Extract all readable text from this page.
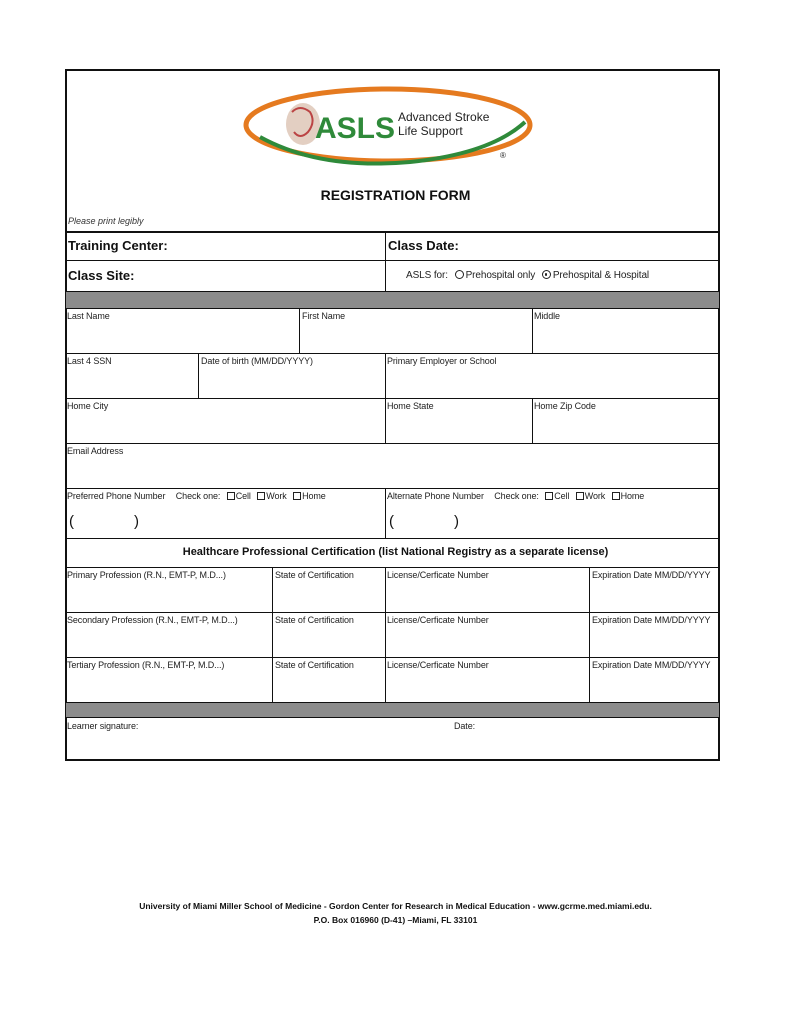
ASLS Advanced Stroke
Life Support
®
REGISTRATION FORM
Please print legibly
Training Center:	Class Date:
Class Site:	ASLS for: Prehospital only Prehospital & Hospital
Last Name	First Name	Middle
Last 4 SSN	Date of birth (MM/DD/YYYY)	Primary Employer or School
Home City	Home State	Home Zip Code
Email Address
Preferred Phone Number Check one: Cell Work Home	Alternate Phone Number Check one: Cell Work Home
(	)	(	)
Healthcare Professional Certification (list National Registry as a separate license)
Primary Profession (R.N., EMT-P, M.D...)	State of Certification	License/Cerficate Number	Expiration Date MM/DD/YYYY
Secondary Profession (R.N., EMT-P, M.D...)	State of Certification	License/Cerficate Number	Expiration Date MM/DD/YYYY
Tertiary Profession (R.N., EMT-P, M.D...)	State of Certification	License/Cerficate Number	Expiration Date MM/DD/YYYY
Learner signature:	Date:
University of Miami Miller School of Medicine - Gordon Center for Research in Medical Education - www.gcrme.med.miami.edu.
P.O. Box 016960 (D-41) –Miami, FL 33101
